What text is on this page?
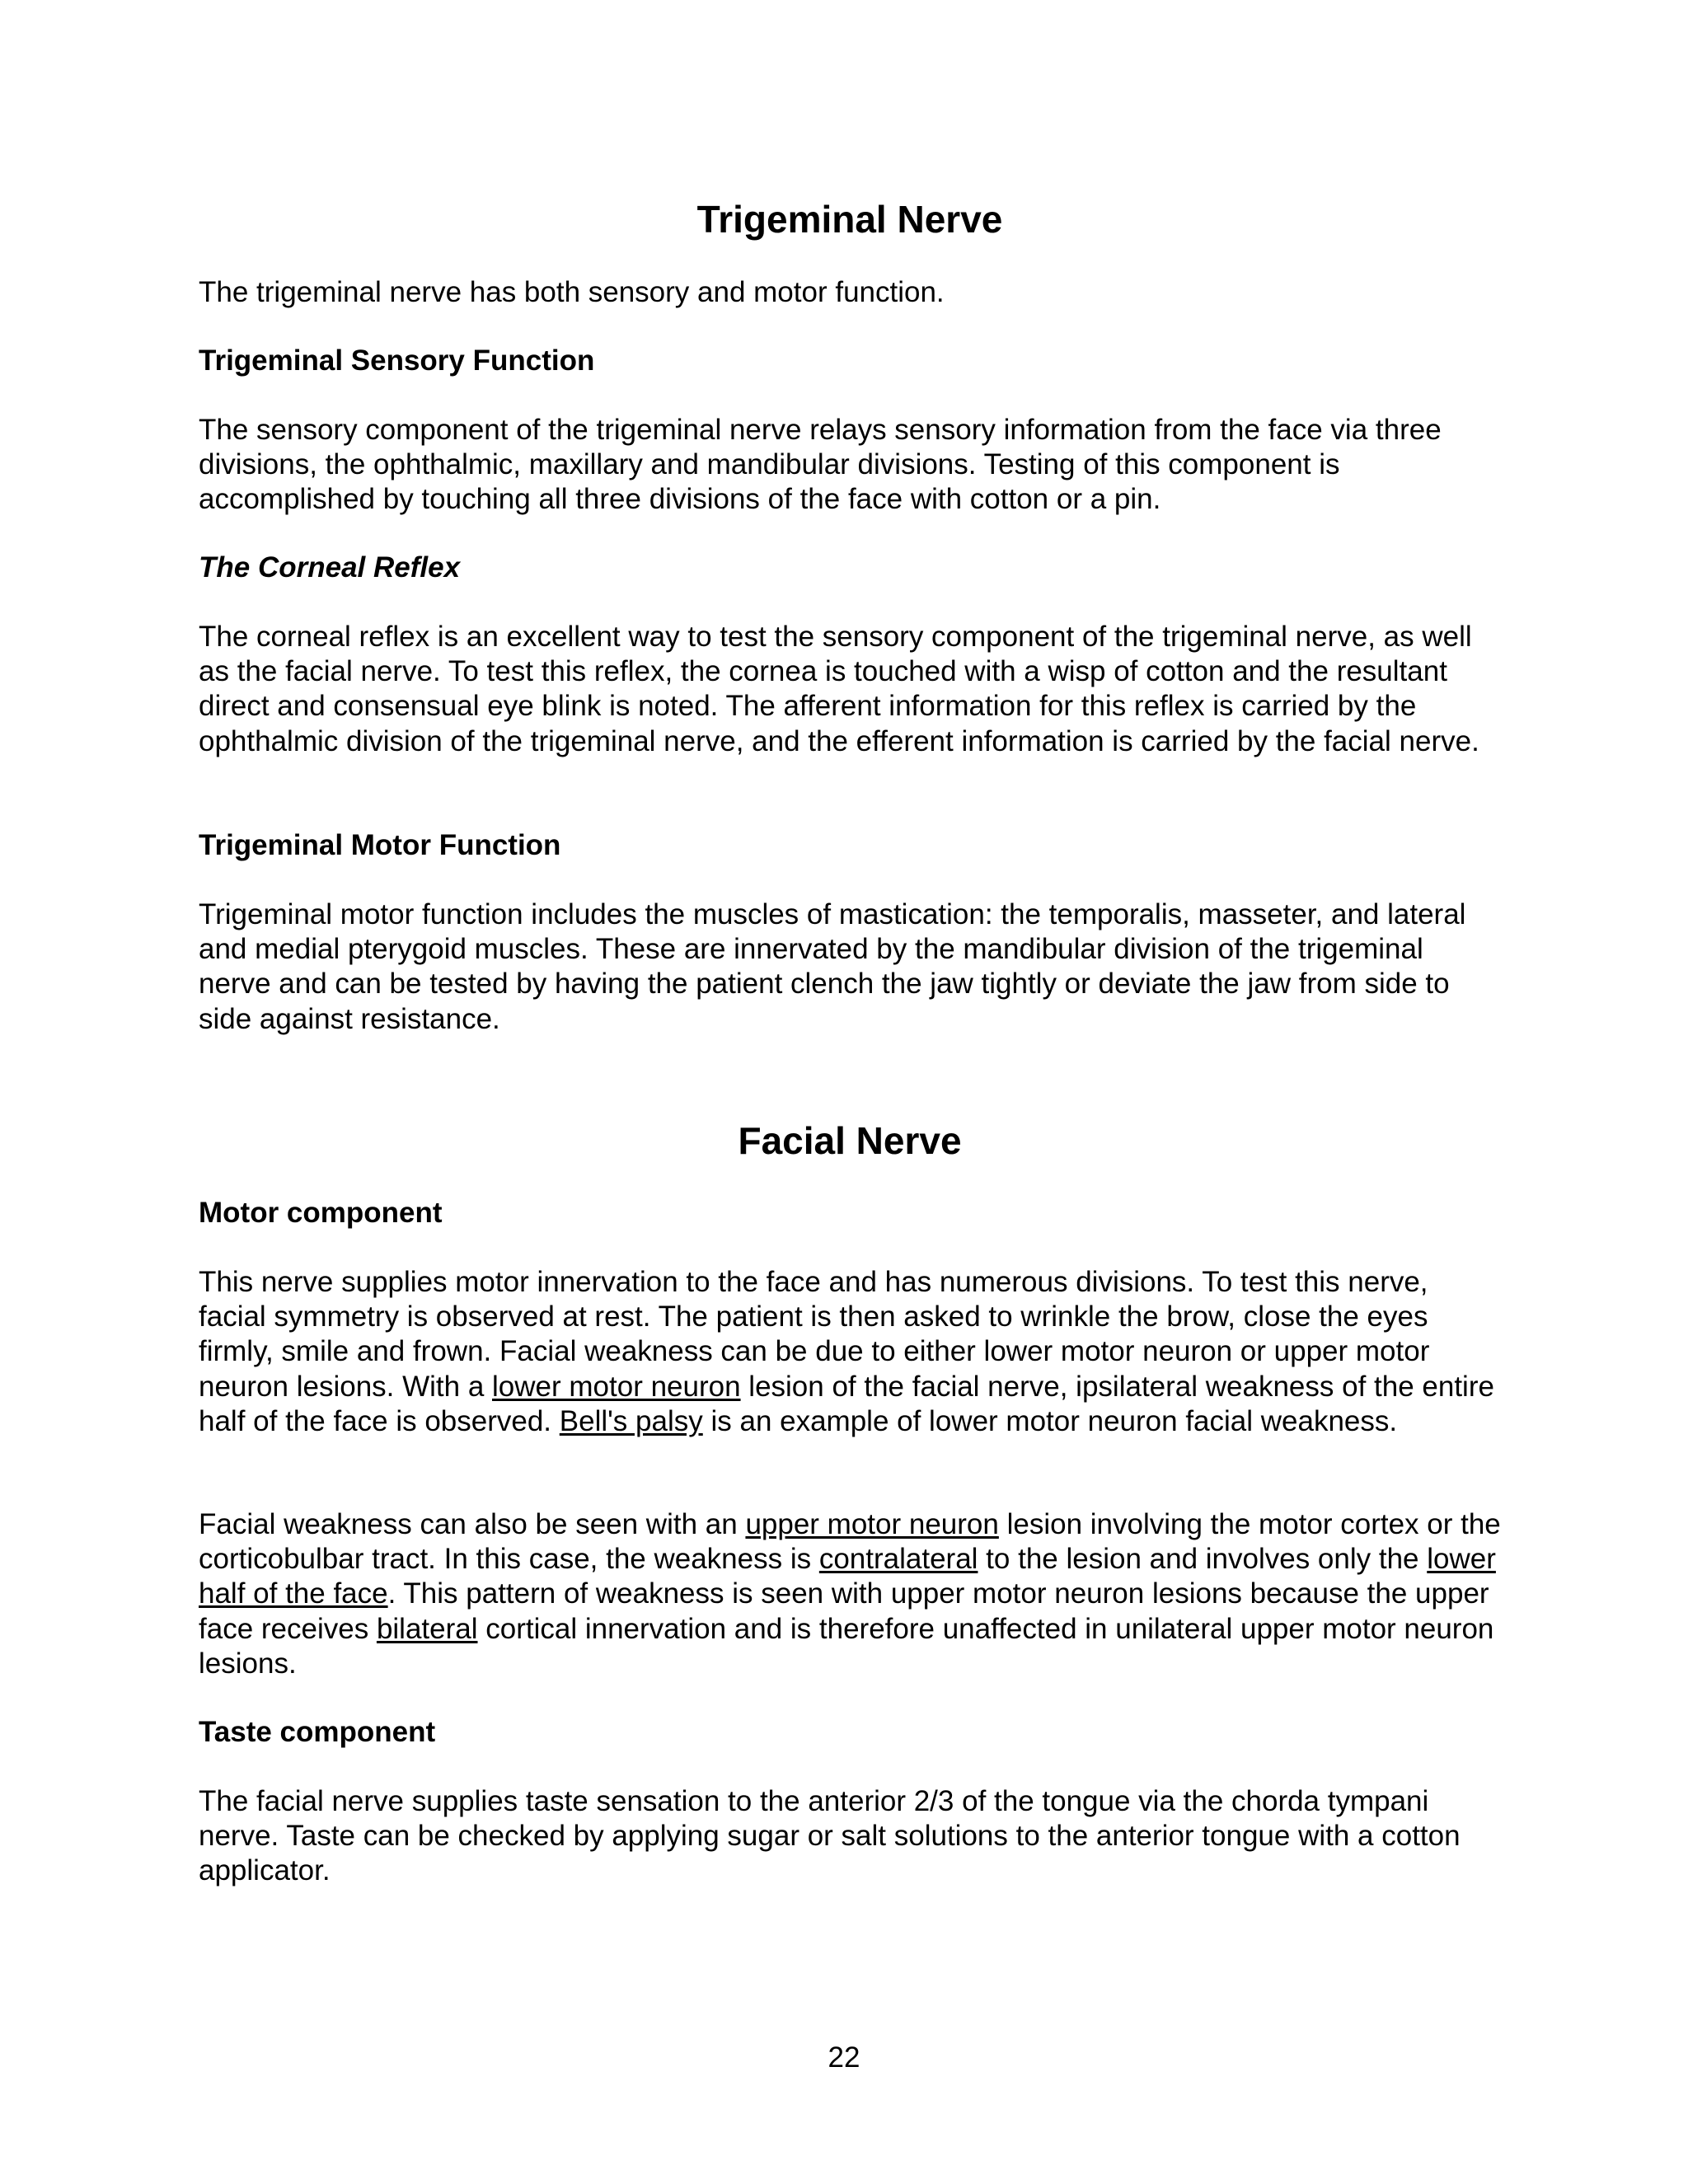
Trigeminal Nerve

The trigeminal nerve has both sensory and motor function.

Trigeminal Sensory Function

The sensory component of the trigeminal nerve relays sensory information from the face via three divisions, the ophthalmic, maxillary and mandibular divisions. Testing of this component is accomplished by touching all three divisions of the face with cotton or a pin.

The Corneal Reflex

The corneal reflex is an excellent way to test the sensory component of the trigeminal nerve, as well as the facial nerve. To test this reflex, the cornea is touched with a wisp of cotton and the resultant direct and consensual eye blink is noted. The afferent information for this reflex is carried by the ophthalmic division of the trigeminal nerve, and the efferent information is carried by the facial nerve.

Trigeminal Motor Function

Trigeminal motor function includes the muscles of mastication: the temporalis, masseter, and lateral and medial pterygoid muscles. These are innervated by the mandibular division of the trigeminal nerve and can be tested by having the patient clench the jaw tightly or deviate the jaw from side to side against resistance.

Facial Nerve
Motor component

This nerve supplies motor innervation to the face and has numerous divisions. To test this nerve, facial symmetry is observed at rest. The patient is then asked to wrinkle the brow, close the eyes firmly, smile and frown. Facial weakness can be due to either lower motor neuron or upper motor neuron lesions. With a lower motor neuron lesion of the facial nerve, ipsilateral weakness of the entire half of the face is observed. Bell's palsy is an example of lower motor neuron facial weakness.

Facial weakness can also be seen with an upper motor neuron lesion involving the motor cortex or the corticobulbar tract. In this case, the weakness is contralateral to the lesion and involves only the lower half of the face. This pattern of weakness is seen with upper motor neuron lesions because the upper face receives bilateral cortical innervation and is therefore unaffected in unilateral upper motor neuron lesions.

Taste component

The facial nerve supplies taste sensation to the anterior 2/3 of the tongue via the chorda tympani nerve. Taste can be checked by applying sugar or salt solutions to the anterior tongue with a cotton applicator.

22
